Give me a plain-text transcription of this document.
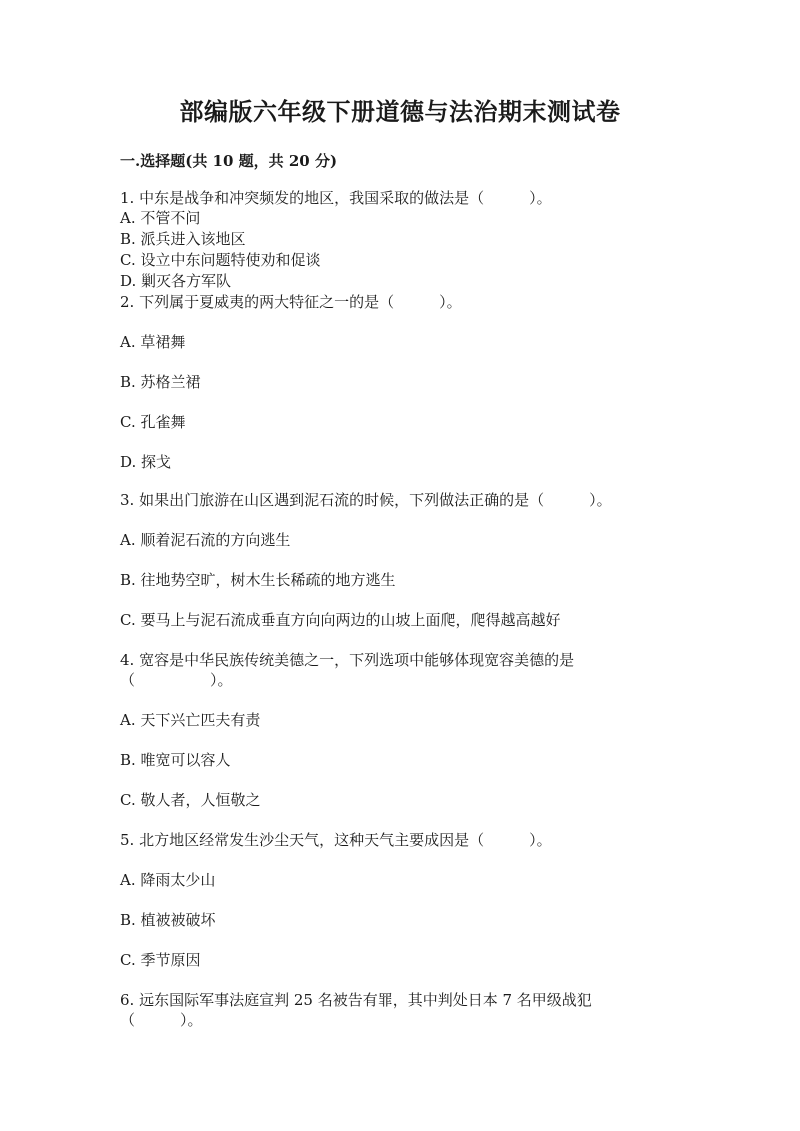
部编版六年级下册道德与法治期末测试卷
一.选择题(共 10 题，共 20 分)
1. 中东是战争和冲突频发的地区，我国采取的做法是（　　　）。
A. 不管不问
B. 派兵进入该地区
C. 设立中东问题特使劝和促谈
D. 剿灭各方军队
2. 下列属于夏威夷的两大特征之一的是（　　　）。
A. 草裙舞
B. 苏格兰裙
C. 孔雀舞
D. 探戈
3. 如果出门旅游在山区遇到泥石流的时候，下列做法正确的是（　　　）。
A. 顺着泥石流的方向逃生
B. 往地势空旷，树木生长稀疏的地方逃生
C. 要马上与泥石流成垂直方向向两边的山坡上面爬，爬得越高越好
4. 宽容是中华民族传统美德之一，下列选项中能够体现宽容美德的是
（　　　　　）。
A. 天下兴亡匹夫有责
B. 唯宽可以容人
C. 敬人者，人恒敬之
5. 北方地区经常发生沙尘天气，这种天气主要成因是（　　　）。
A. 降雨太少山
B. 植被被破坏
C. 季节原因
6. 远东国际军事法庭宣判 25 名被告有罪，其中判处日本 7 名甲级战犯
（　　　）。
